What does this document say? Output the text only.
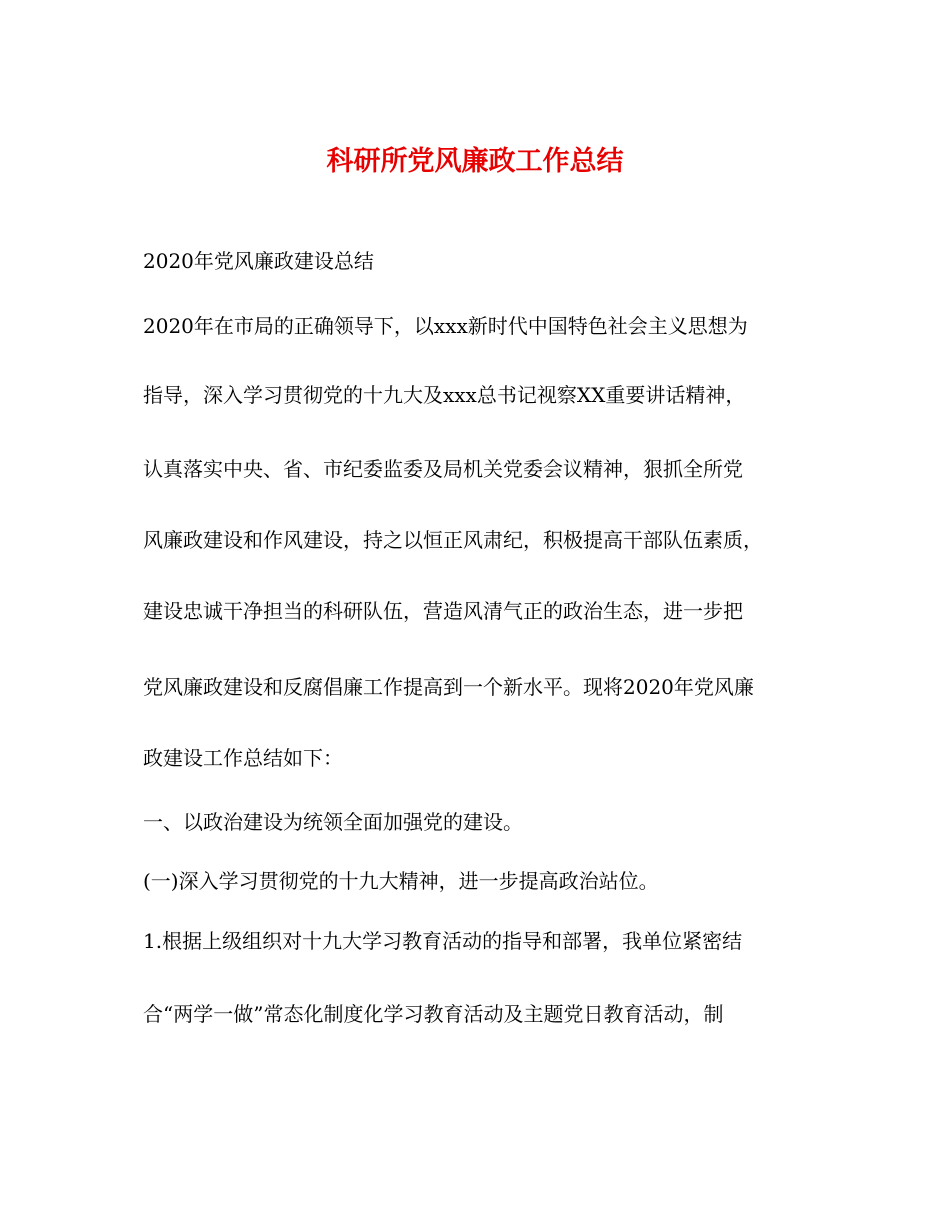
科研所党风廉政工作总结
2020年党风廉政建设总结
2020年在市局的正确领导下，以xxx新时代中国特色社会主义思想为
指导，深入学习贯彻党的十九大及xxx总书记视察XX重要讲话精神，
认真落实中央、省、市纪委监委及局机关党委会议精神，狠抓全所党
风廉政建设和作风建设，持之以恒正风肃纪，积极提高干部队伍素质，
建设忠诚干净担当的科研队伍，营造风清气正的政治生态，进一步把
党风廉政建设和反腐倡廉工作提高到一个新水平。现将2020年党风廉
政建设工作总结如下：
一、以政治建设为统领全面加强党的建设。
(一)深入学习贯彻党的十九大精神，进一步提高政治站位。
1.根据上级组织对十九大学习教育活动的指导和部署，我单位紧密结
合“两学一做”常态化制度化学习教育活动及主题党日教育活动，制
